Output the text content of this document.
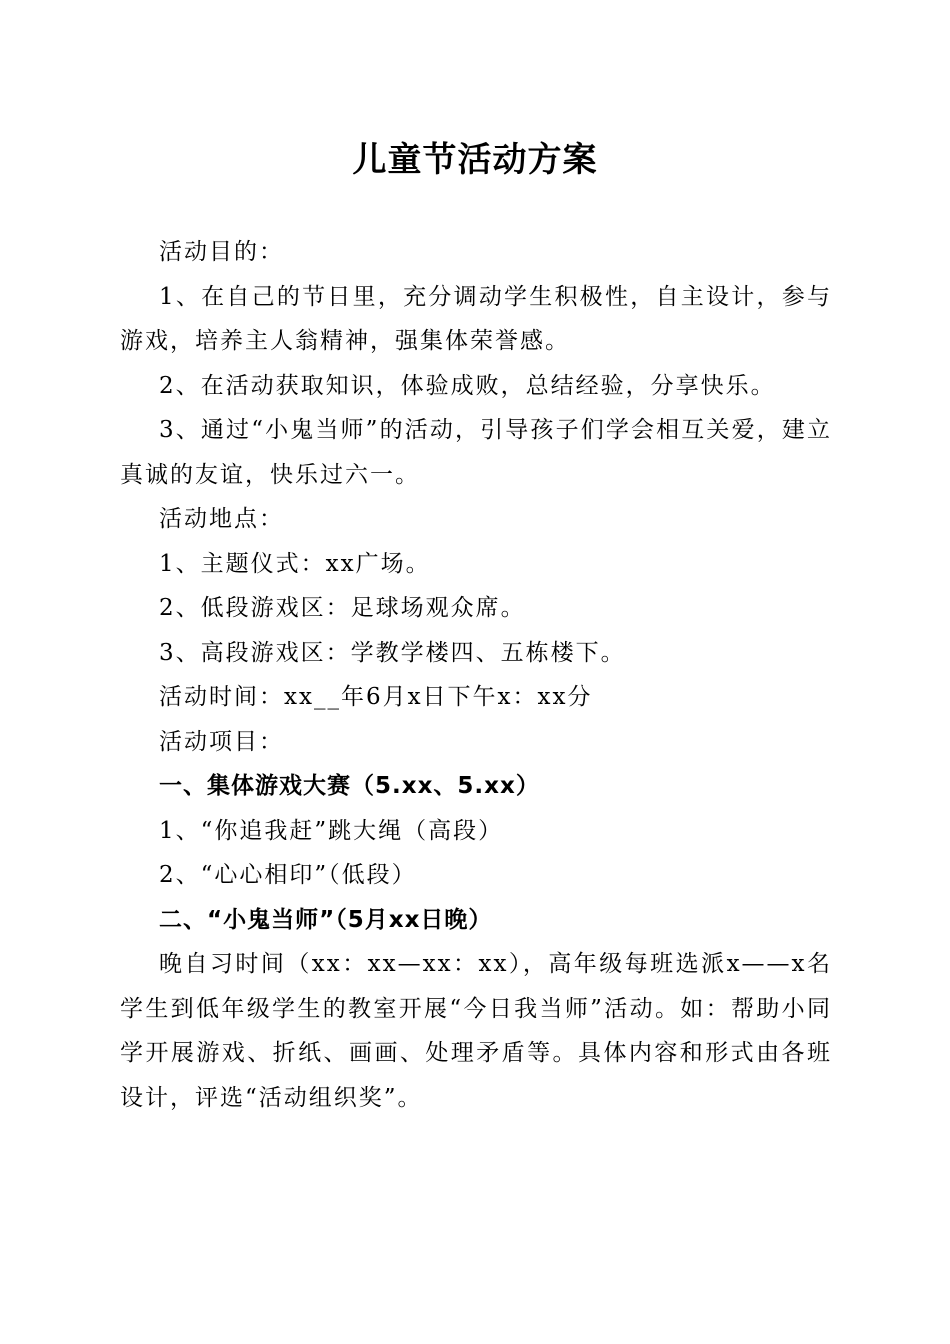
儿童节活动方案

活动目的：

1、在自己的节日里，充分调动学生积极性，自主设计，参与游戏，培养主人翁精神，强集体荣誉感。

2、在活动获取知识，体验成败，总结经验，分享快乐。

3、通过“小鬼当师”的活动，引导孩子们学会相互关爱，建立真诚的友谊，快乐过六一。

活动地点：

1、主题仪式：xx广场。

2、低段游戏区：足球场观众席。

3、高段游戏区：学教学楼四、五栋楼下。

活动时间：xx__年6月x日下午x：xx分

活动项目：

一、集体游戏大赛（5.xx、5.xx）

1、“你追我赶”跳大绳（高段）

2、“心心相印”（低段）

二、“小鬼当师”（5月xx日晚）

晚自习时间（xx：xx—xx：xx），高年级每班选派x——x名学生到低年级学生的教室开展“今日我当师”活动。如：帮助小同学开展游戏、折纸、画画、处理矛盾等。具体内容和形式由各班设计，评选“活动组织奖”。
